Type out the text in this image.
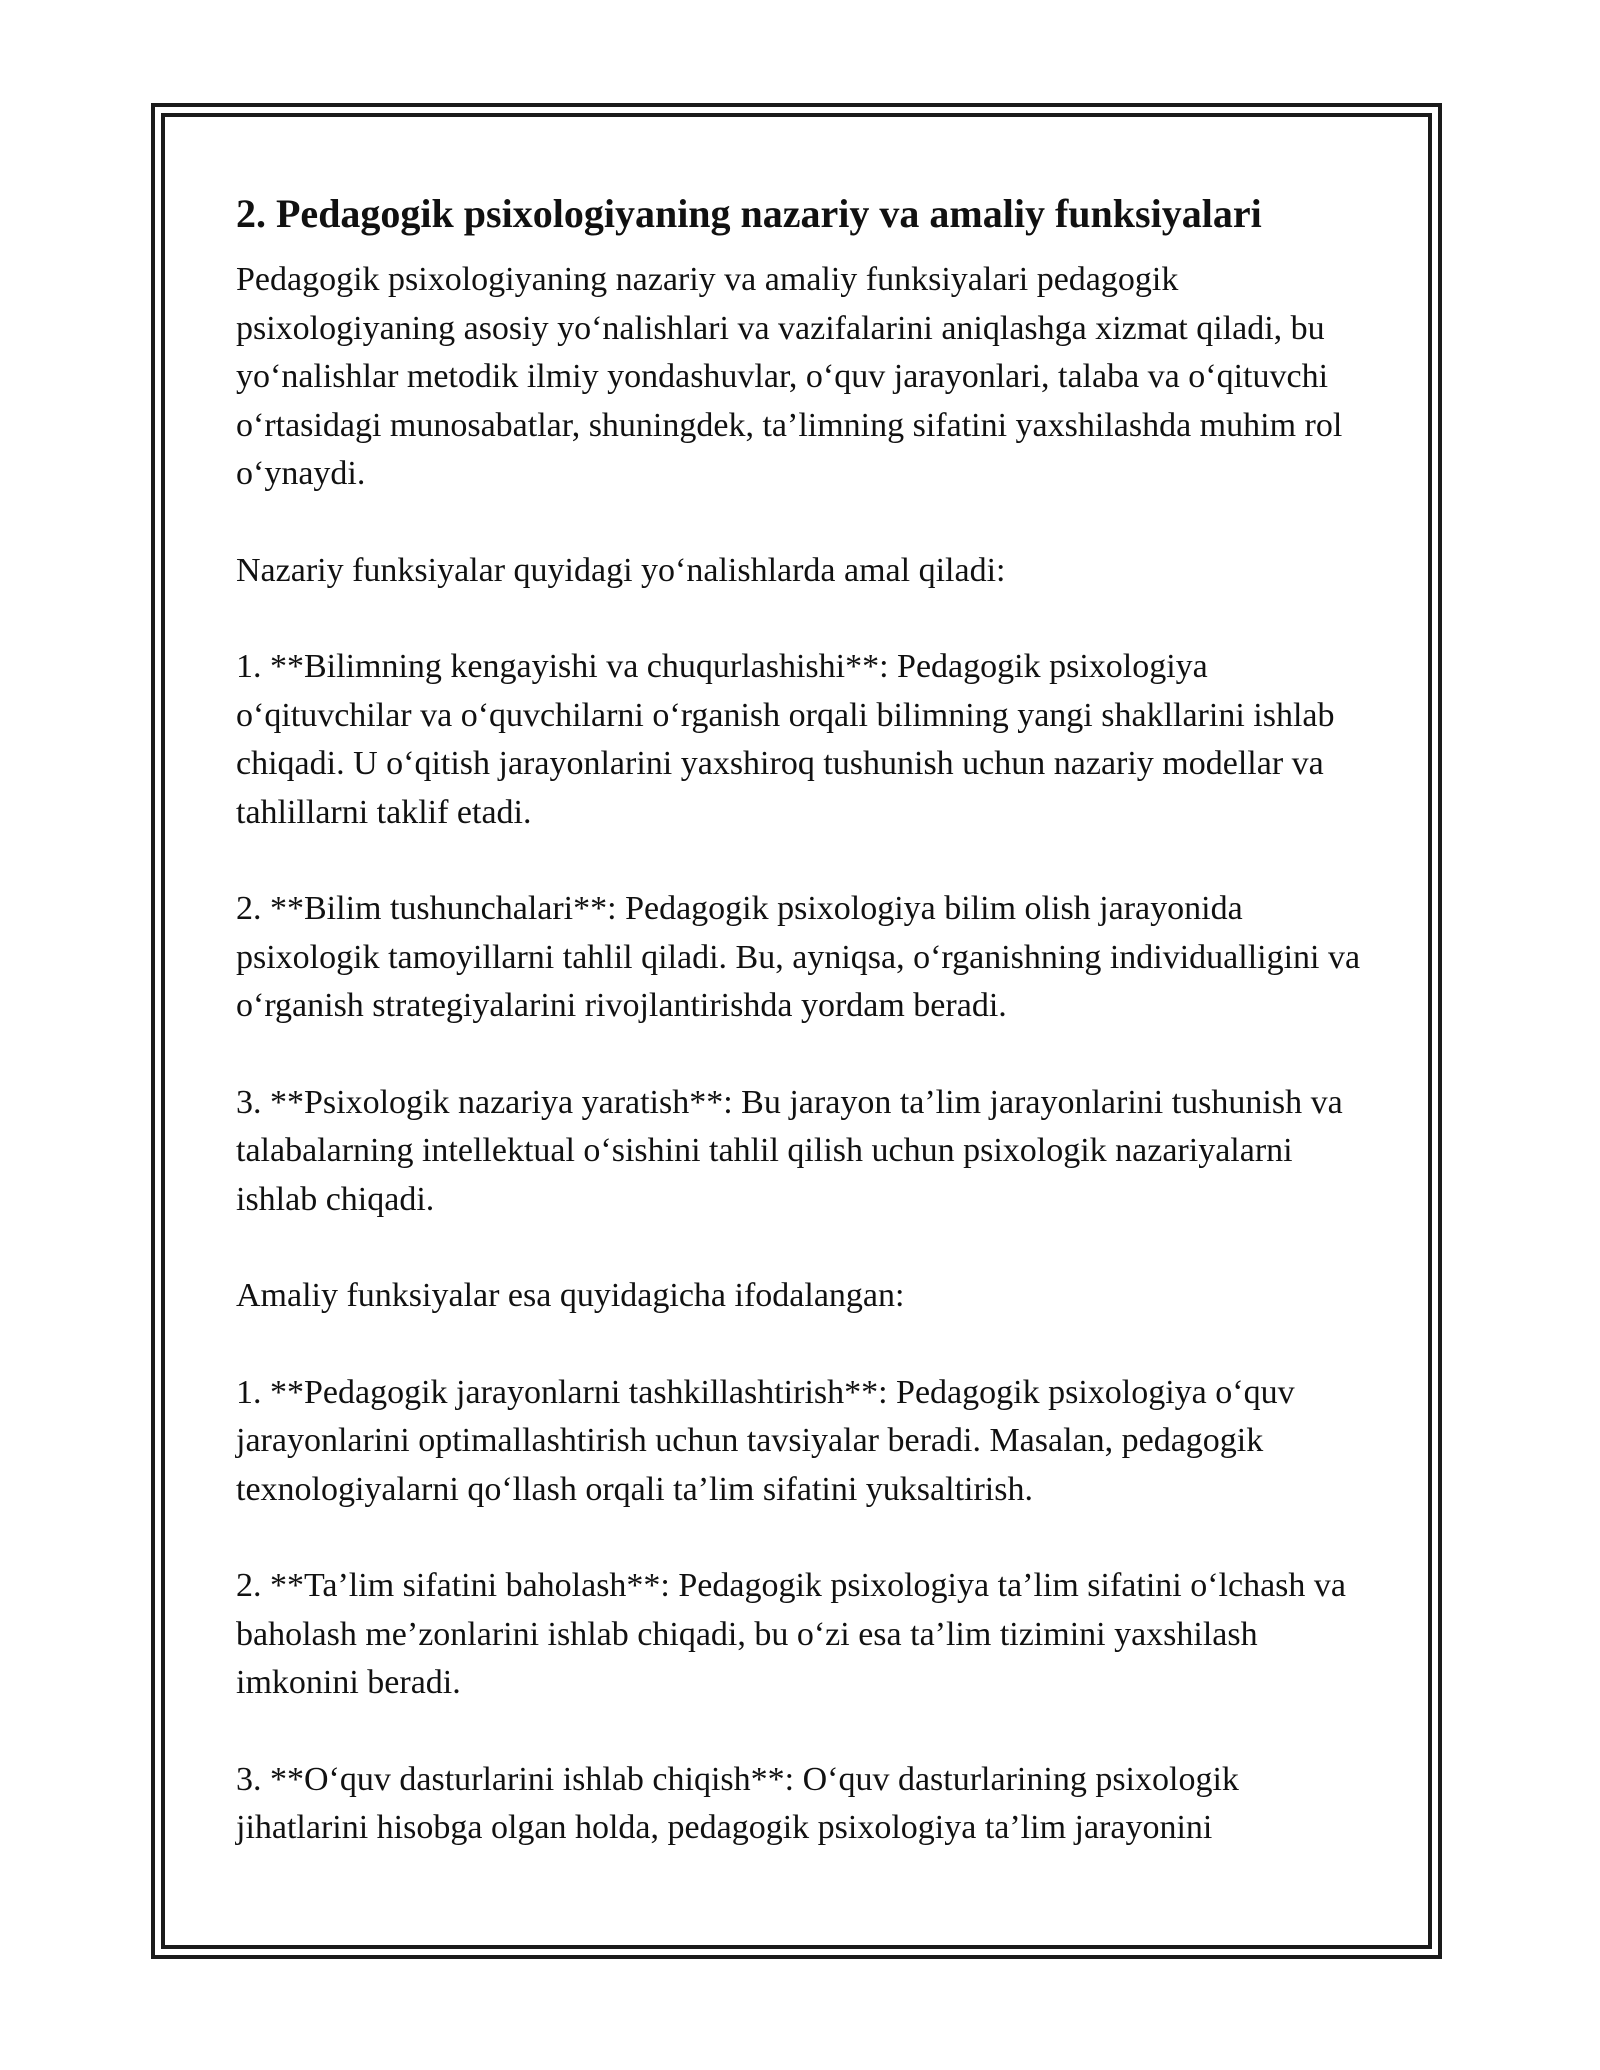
2. Pedagogik psixologiyaning nazariy va amaliy funksiyalari

Pedagogik psixologiyaning nazariy va amaliy funksiyalari pedagogik psixologiyaning asosiy yo‘nalishlari va vazifalarini aniqlashga xizmat qiladi, bu yo‘nalishlar metodik ilmiy yondashuvlar, o‘quv jarayonlari, talaba va o‘qituvchi o‘rtasidagi munosabatlar, shuningdek, ta’limning sifatini yaxshilashda muhim rol o‘ynaydi.

Nazariy funksiyalar quyidagi yo‘nalishlarda amal qiladi:

1. **Bilimning kengayishi va chuqurlashishi**: Pedagogik psixologiya o‘qituvchilar va o‘quvchilarni o‘rganish orqali bilimning yangi shakllarini ishlab chiqadi. U o‘qitish jarayonlarini yaxshiroq tushunish uchun nazariy modellar va tahlillarni taklif etadi.

2. **Bilim tushunchalari**: Pedagogik psixologiya bilim olish jarayonida psixologik tamoyillarni tahlil qiladi. Bu, ayniqsa, o‘rganishning individualligini va o‘rganish strategiyalarini rivojlantirishda yordam beradi.

3. **Psixologik nazariya yaratish**: Bu jarayon ta’lim jarayonlarini tushunish va talabalarning intellektual o‘sishini tahlil qilish uchun psixologik nazariyalarni ishlab chiqadi.

Amaliy funksiyalar esa quyidagicha ifodalangan:

1. **Pedagogik jarayonlarni tashkillashtirish**: Pedagogik psixologiya o‘quv jarayonlarini optimallashtirish uchun tavsiyalar beradi. Masalan, pedagogik texnologiyalarni qo‘llash orqali ta’lim sifatini yuksaltirish.

2. **Ta’lim sifatini baholash**: Pedagogik psixologiya ta’lim sifatini o‘lchash va baholash me’zonlarini ishlab chiqadi, bu o‘zi esa ta’lim tizimini yaxshilash imkonini beradi.

3. **O‘quv dasturlarini ishlab chiqish**: O‘quv dasturlarining psixologik jihatlarini hisobga olgan holda, pedagogik psixologiya ta’lim jarayonini
